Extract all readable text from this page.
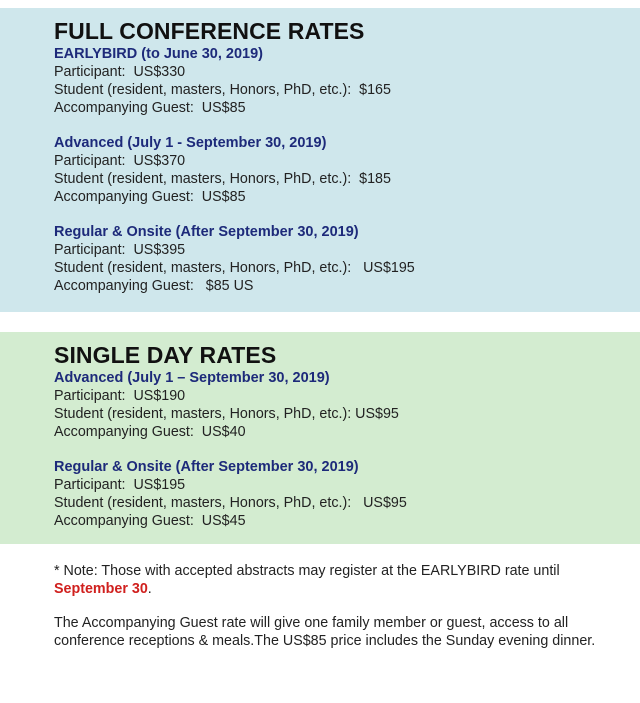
FULL CONFERENCE RATES
EARLYBIRD (to June 30, 2019)
Participant:  US$330
Student (resident, masters, Honors, PhD, etc.):  $165
Accompanying Guest:  US$85
Advanced (July 1 - September 30, 2019)
Participant:  US$370
Student (resident, masters, Honors, PhD, etc.):  $185
Accompanying Guest:  US$85
Regular & Onsite (After September 30, 2019)
Participant:  US$395
Student (resident, masters, Honors, PhD, etc.):   US$195
Accompanying Guest:   $85 US
SINGLE DAY RATES
Advanced (July 1 – September 30, 2019)
Participant:  US$190
Student (resident, masters, Honors, PhD, etc.): US$95
Accompanying Guest:  US$40
Regular & Onsite (After September 30, 2019)
Participant:  US$195
Student (resident, masters, Honors, PhD, etc.):   US$95
Accompanying Guest:  US$45

* Note: Those with accepted abstracts may register at the EARLYBIRD rate until
September 30.

The Accompanying Guest rate will give one family member or guest, access to all conference receptions & meals.The US$85 price includes the Sunday evening dinner.
